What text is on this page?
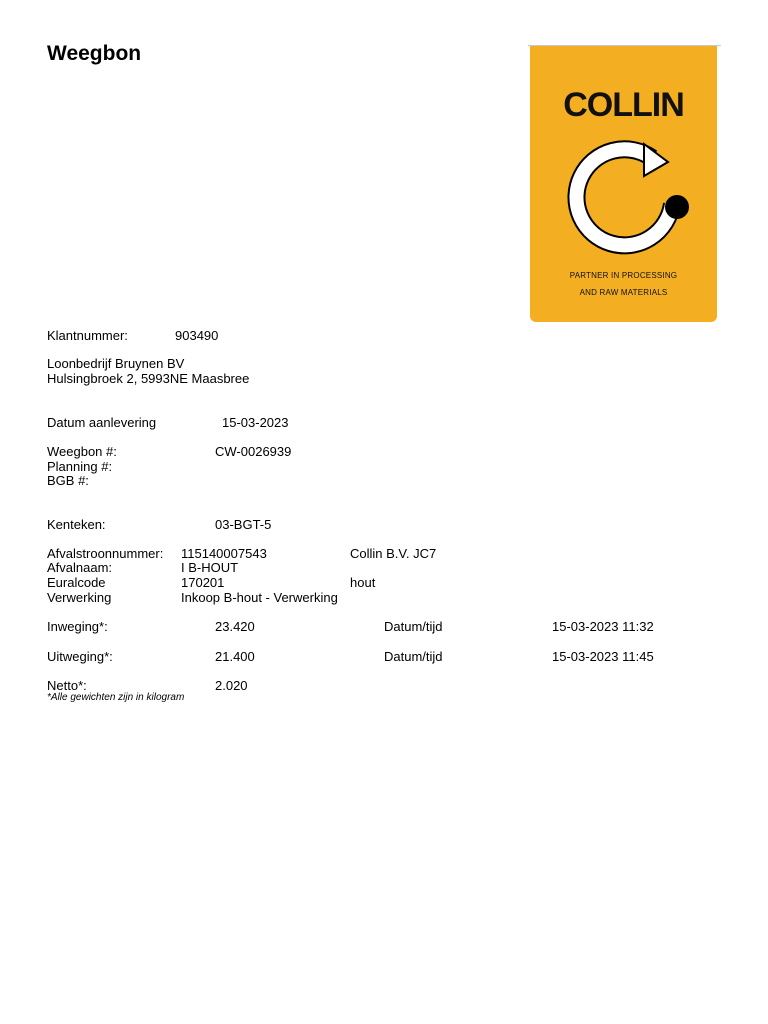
Weegbon
COLLIN
PARTNER IN PROCESSING
AND RAW MATERIALS
Klantnummer:	903490
Loonbedrijf Bruynen BV
Hulsingbroek 2, 5993NE Maasbree
Datum aanlevering	15-03-2023
Weegbon #:	CW-0026939
Planning #:
BGB #:
Kenteken:	03-BGT-5
Afvalstroonnummer: 115140007543	Collin B.V. JC7
Afvalnaam:	I B-HOUT
Euralcode	170201	hout
Verwerking	Inkoop B-hout - Verwerking
Inweging*:	23.420	Datum/tijd	15-03-2023 11:32
Uitweging*:	21.400	Datum/tijd	15-03-2023 11:45
Netto*:	2.020
*Alle gewichten zijn in kilogram
